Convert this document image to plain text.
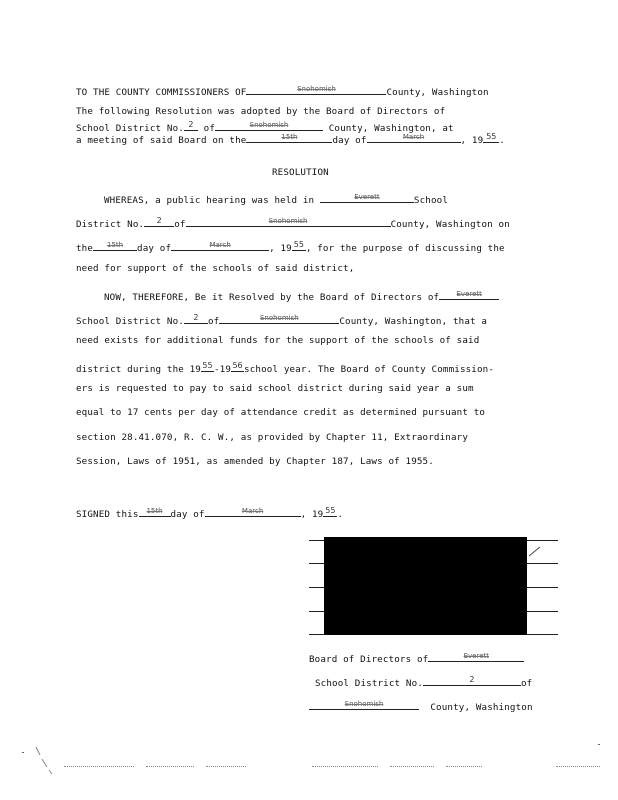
TO THE COUNTY COMMISSIONERS OF	Snohomish	County, Washington
The following Resolution was adopted by the Board of Directors of
School District No. 2	of	Snohomish	County, Washington, at
a meeting of said Board on the	15th	day of	March	, 19 55 .
RESOLUTION
WHEREAS, a public hearing was held in	Everett	School
District No.	2	of	Snohomish	County, Washington on
the	15th	day of	March	, 19 55 , for the purpose of discussing the
need for support of the schools of said district,
NOW, THEREFORE, Be it Resolved by the Board of Directors of	Everett
School District No.	2	of	Snohomish	County, Washington, that a
need exists for additional funds for the support of the schools of said
district during the 19 55 -19 56 school year. The Board of County Commission-
ers is requested to pay to said school district during said year a sum
equal to 17 cents per day of attendance credit as determined pursuant to
section 28.41.070, R. C. W., as provided by Chapter 11, Extraordinary
Session, Laws of 1951, as amended by Chapter 187, Laws of 1955.
SIGNED this	15th day of	March	, 19 55 .
Board of Directors of	Everett
School District No.	2	of
Snohomish	County, Washington
